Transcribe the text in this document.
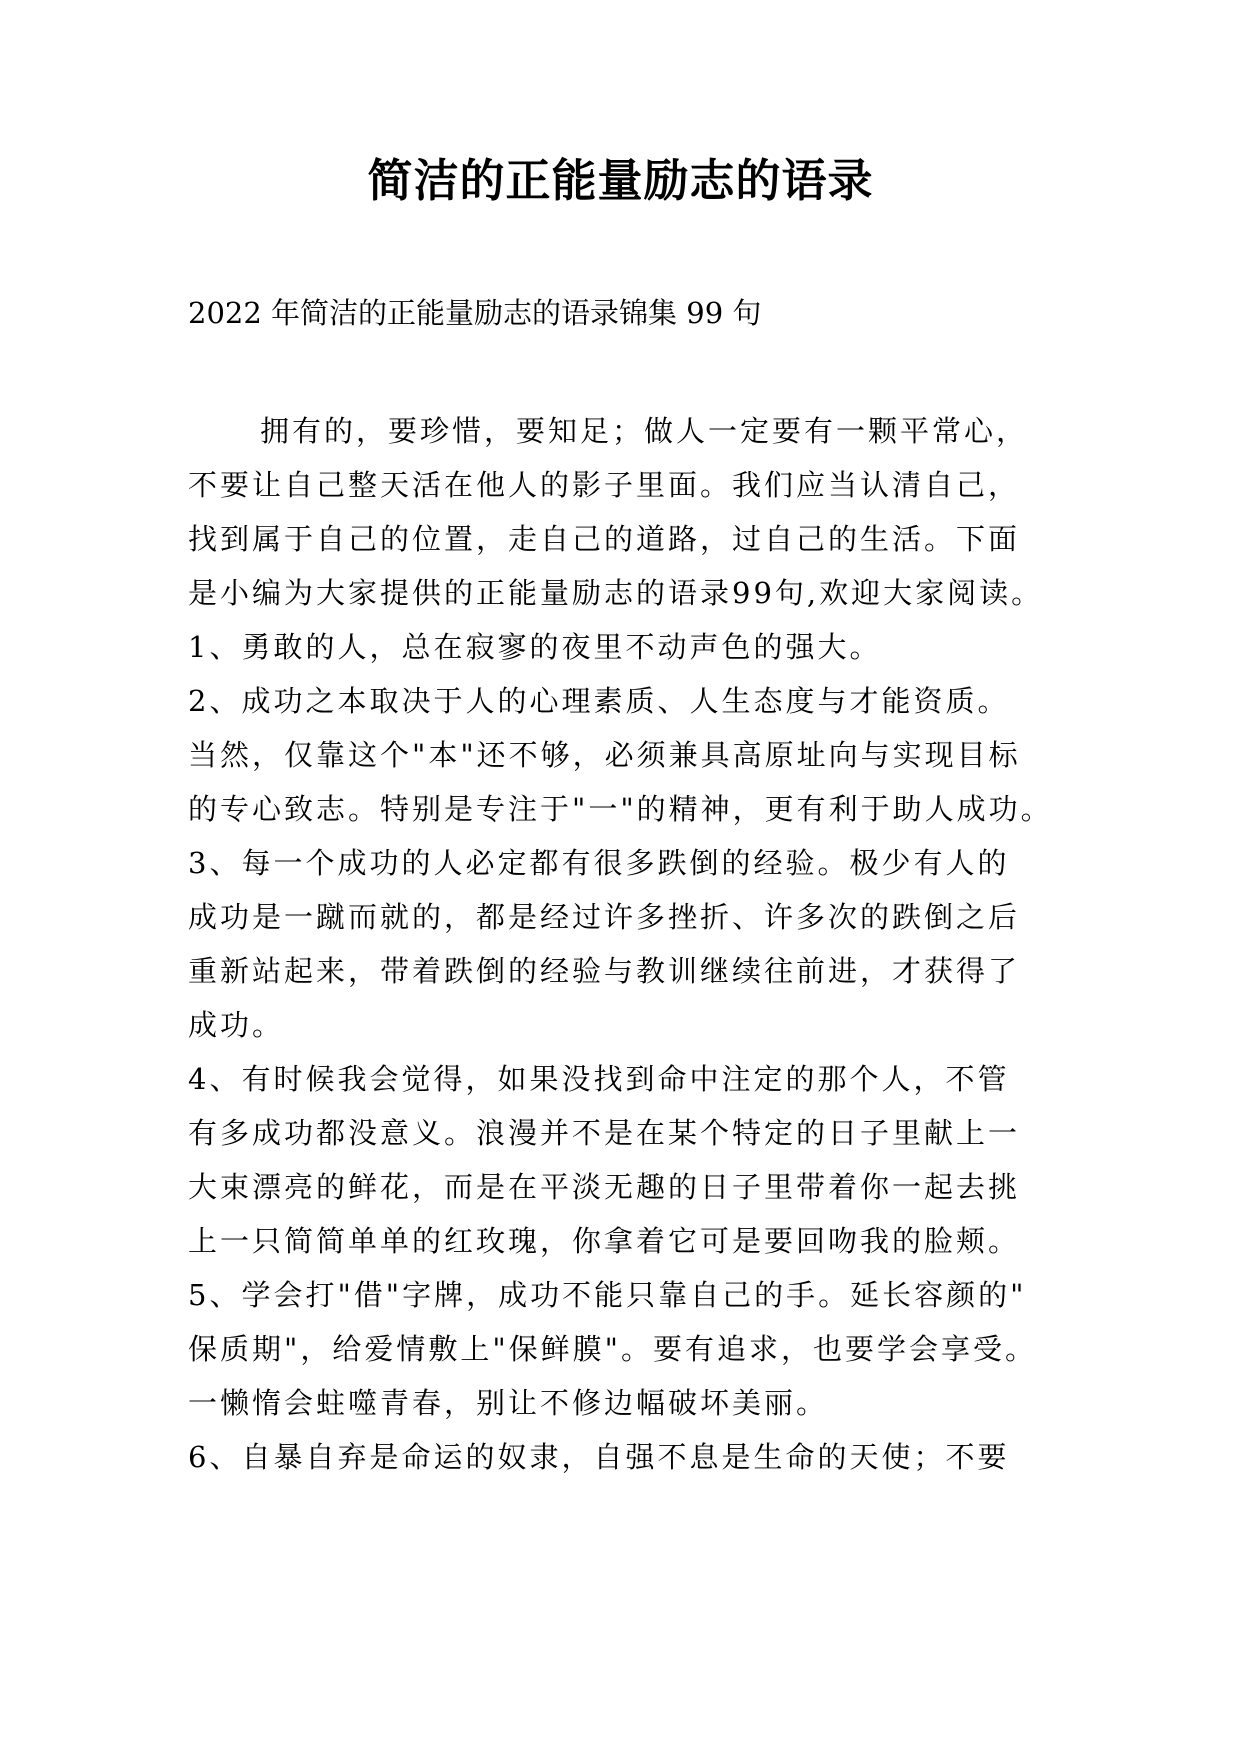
简洁的正能量励志的语录

2022 年简洁的正能量励志的语录锦集 99 句

拥有的，要珍惜，要知足；做人一定要有一颗平常心，
不要让自己整天活在他人的影子里面。我们应当认清自己，
找到属于自己的位置，走自己的道路，过自己的生活。下面
是小编为大家提供的正能量励志的语录99句,欢迎大家阅读。
1、勇敢的人，总在寂寥的夜里不动声色的强大。
2、成功之本取决于人的心理素质、人生态度与才能资质。
当然，仅靠这个"本"还不够，必须兼具高原址向与实现目标
的专心致志。特别是专注于"一"的精神，更有利于助人成功。
3、每一个成功的人必定都有很多跌倒的经验。极少有人的
成功是一蹴而就的，都是经过许多挫折、许多次的跌倒之后
重新站起来，带着跌倒的经验与教训继续往前进，才获得了
成功。
4、有时候我会觉得，如果没找到命中注定的那个人，不管
有多成功都没意义。浪漫并不是在某个特定的日子里献上一
大束漂亮的鲜花，而是在平淡无趣的日子里带着你一起去挑
上一只简简单单的红玫瑰，你拿着它可是要回吻我的脸颊。
5、学会打"借"字牌，成功不能只靠自己的手。延长容颜的"
保质期"，给爱情敷上"保鲜膜"。要有追求，也要学会享受。
一懒惰会蛀噬青春，别让不修边幅破坏美丽。
6、自暴自弃是命运的奴隶，自强不息是生命的天使；不要
